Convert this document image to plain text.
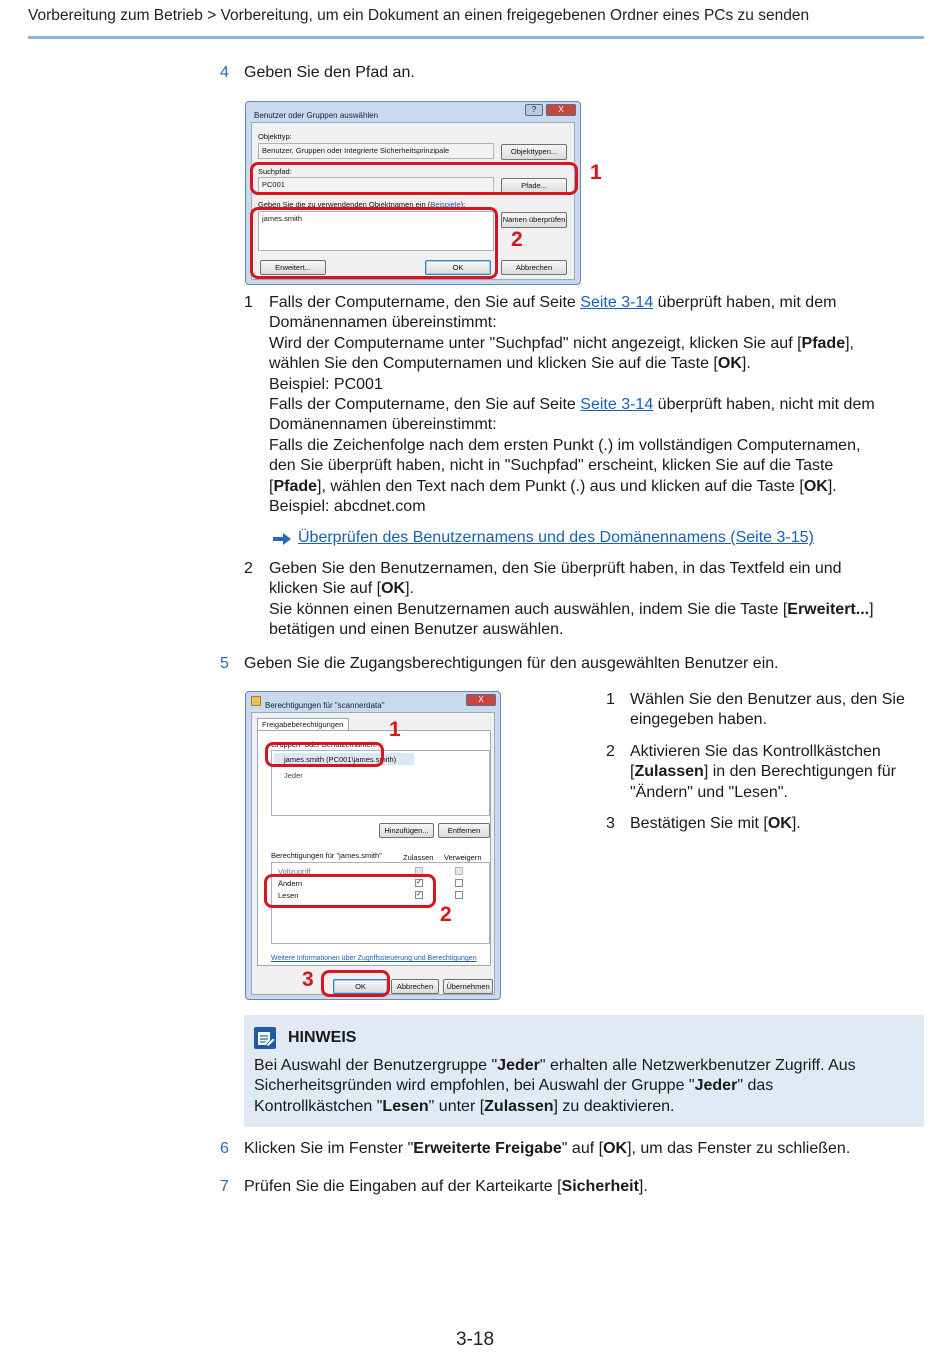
Vorbereitung zum Betrieb > Vorbereitung, um ein Dokument an einen freigegebenen Ordner eines PCs zu senden
4 Geben Sie den Pfad an.
Benutzer oder Gruppen auswählen
?	X
Objekttyp:
Benutzer, Gruppen oder Integrierte Sicherheitsprinzipale	Objekttypen...
Suchpfad:
PC001	Pfade...
Geben Sie die zu verwendenden Objektnamen ein (Beispiele):
james.smith	Namen überprüfen
Erweitert...	OK	Abbrechen
1
2
1 Falls der Computername, den Sie auf Seite Seite 3-14 überprüft haben, mit dem
Domänennamen übereinstimmt:
Wird der Computername unter "Suchpfad" nicht angezeigt, klicken Sie auf [Pfade],
wählen Sie den Computernamen und klicken Sie auf die Taste [OK].
Beispiel: PC001
Falls der Computername, den Sie auf Seite Seite 3-14 überprüft haben, nicht mit dem
Domänennamen übereinstimmt:
Falls die Zeichenfolge nach dem ersten Punkt (.) im vollständigen Computernamen,
den Sie überprüft haben, nicht in "Suchpfad" erscheint, klicken Sie auf die Taste
[Pfade], wählen den Text nach dem Punkt (.) aus und klicken auf die Taste [OK].
Beispiel: abcdnet.com
Überprüfen des Benutzernamens und des Domänennamens (Seite 3-15)
2 Geben Sie den Benutzernamen, den Sie überprüft haben, in das Textfeld ein und
klicken Sie auf [OK].
Sie können einen Benutzernamen auch auswählen, indem Sie die Taste [Erweitert...]
betätigen und einen Benutzer auswählen.
5 Geben Sie die Zugangsberechtigungen für den ausgewählten Benutzer ein.
Berechtigungen für "scannerdata"
X
Freigabeberechtigungen
Gruppen- oder Benutzernamen:
james.smith (PC001\james.smith)
Jeder
Hinzufügen...	Entfernen
Berechtigungen für "james.smith"	Zulassen Verweigern
Vollzugriff
Ändern	✓
Lesen	✓
Weitere Informationen über Zugriffssteuerung und Berechtigungen
OK	Abbrechen	Übernehmen
1
2
3
1 Wählen Sie den Benutzer aus, den Sie
eingegeben haben.
2 Aktivieren Sie das Kontrollkästchen
[Zulassen] in den Berechtigungen für
"Ändern" und "Lesen".
3 Bestätigen Sie mit [OK].
HINWEIS
Bei Auswahl der Benutzergruppe "Jeder" erhalten alle Netzwerkbenutzer Zugriff. Aus
Sicherheitsgründen wird empfohlen, bei Auswahl der Gruppe "Jeder" das
Kontrollkästchen "Lesen" unter [Zulassen] zu deaktivieren.
6 Klicken Sie im Fenster "Erweiterte Freigabe" auf [OK], um das Fenster zu schließen.
7 Prüfen Sie die Eingaben auf der Karteikarte [Sicherheit].
3-18
